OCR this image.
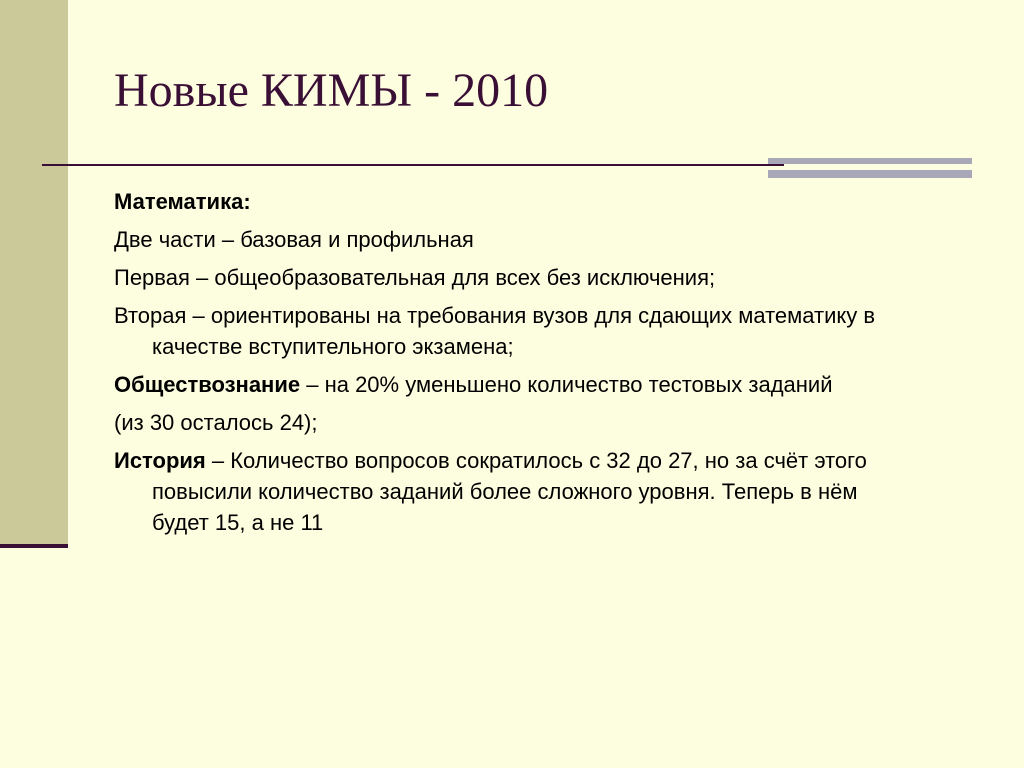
Новые КИМЫ - 2010

Математика:

Две части – базовая и профильная

Первая – общеобразовательная для всех без исключения;

Вторая – ориентированы на требования вузов для сдающих математику в качестве вступительного экзамена;

Обществознание – на 20% уменьшено количество тестовых заданий

(из 30 осталось 24);

История – Количество вопросов сократилось с 32 до 27, но за счёт этого повысили количество заданий более сложного уровня. Теперь в нём будет 15, а не 11
